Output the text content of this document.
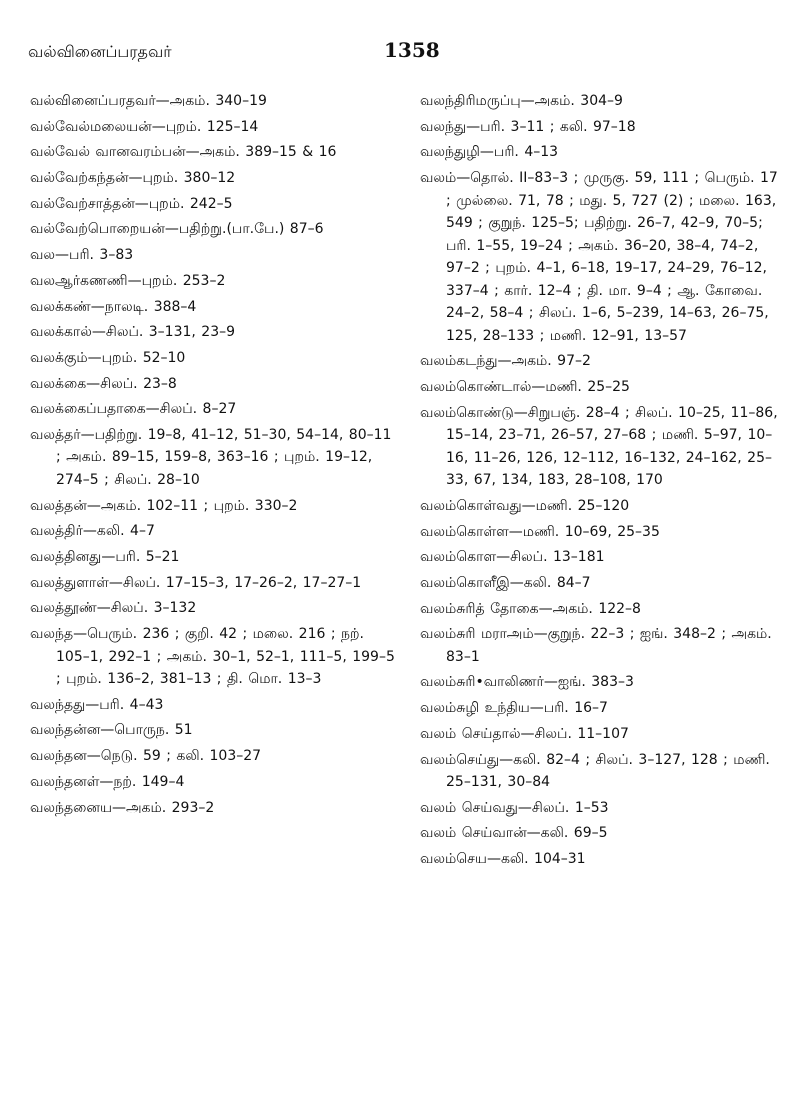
வல்வினைப்பரதவர்	1358
வல்வினைப்பரதவர்—அகம். 340–19
வல்வேல்மலையன்—புறம். 125–14
வல்வேல் வானவரம்பன்—அகம். 389–15 & 16
வல்வேற்கந்தன்—புறம். 380–12
வல்வேற்சாத்தன்—புறம். 242–5
வல்வேற்பொறையன்—பதிற்று.(பா.பே.) 87–6
வல—பரி. 3–83
வலஆர்கணணி—புறம். 253–2
வலக்கண்—நாலடி. 388–4
வலக்கால்—சிலப். 3–131, 23–9
வலக்கும்—புறம். 52–10
வலக்கை—சிலப். 23–8
வலக்கைப்பதாகை—சிலப். 8–27
வலத்தர்—பதிற்று. 19–8, 41–12, 51–30, 54–14, 80–11 ; அகம். 89–15, 159–8, 363–16 ; புறம். 19–12, 274–5 ; சிலப். 28–10
வலத்தன்—அகம். 102–11 ; புறம். 330–2
வலத்திர்—கலி. 4–7
வலத்தினது—பரி. 5–21
வலத்துளாள்—சிலப். 17–15–3, 17–26–2, 17–27–1
வலத்தூண்—சிலப். 3–132
வலந்த—பெரும். 236 ; குறி. 42 ; மலை. 216 ; நற். 105–1, 292–1 ; அகம். 30–1, 52–1, 111–5, 199–5 ; புறம். 136–2, 381–13 ; தி. மொ. 13–3
வலந்தது—பரி. 4–43
வலந்தன்ன—பொருந. 51
வலந்தன—நெடு. 59 ; கலி. 103–27
வலந்தனள்—நற். 149–4
வலந்தனைய—அகம். 293–2
வலந்திரிமருப்பு—அகம். 304–9
வலந்து—பரி. 3–11 ; கலி. 97–18
வலந்துழி—பரி. 4–13
வலம்—தொல். II–83–3 ; முருகு. 59, 111 ; பெரும். 17 ; முல்லை. 71, 78 ; மது. 5, 727 (2) ; மலை. 163, 549 ; குறுந். 125–5; பதிற்று. 26–7, 42–9, 70–5; பரி. 1–55, 19–24 ; அகம். 36–20, 38–4, 74–2, 97–2 ; புறம். 4–1, 6–18, 19–17, 24–29, 76–12, 337–4 ; கார். 12–4 ; தி. மா. 9–4 ; ஆ. கோவை. 24–2, 58–4 ; சிலப். 1–6, 5–239, 14–63, 26–75, 125, 28–133 ; மணி. 12–91, 13–57
வலம்கடந்து—அகம். 97–2
வலம்கொண்டால்—மணி. 25–25
வலம்கொண்டு—சிறுபஞ். 28–4 ; சிலப். 10–25, 11–86, 15–14, 23–71, 26–57, 27–68 ; மணி. 5–97, 10–16, 11–26, 126, 12–112, 16–132, 24–162, 25–33, 67, 134, 183, 28–108, 170
வலம்கொள்வது—மணி. 25–120
வலம்கொள்ள—மணி. 10–69, 25–35
வலம்கொள—சிலப். 13–181
வலம்கொளீஇ—கலி. 84–7
வலம்சுரித் தோகை—அகம். 122–8
வலம்சுரி மராஅம்—குறுந். 22–3 ; ஐங். 348–2 ; அகம். 83–1
வலம்சுரி•வாலிணர்—ஐங். 383–3
வலம்சுழி உந்திய—பரி. 16–7
வலம் செய்தால்—சிலப். 11–107
வலம்செய்து—கலி. 82–4 ; சிலப். 3–127, 128 ; மணி. 25–131, 30–84
வலம் செய்வது—சிலப். 1–53
வலம் செய்வான்—கலி. 69–5
வலம்செய—கலி. 104–31
